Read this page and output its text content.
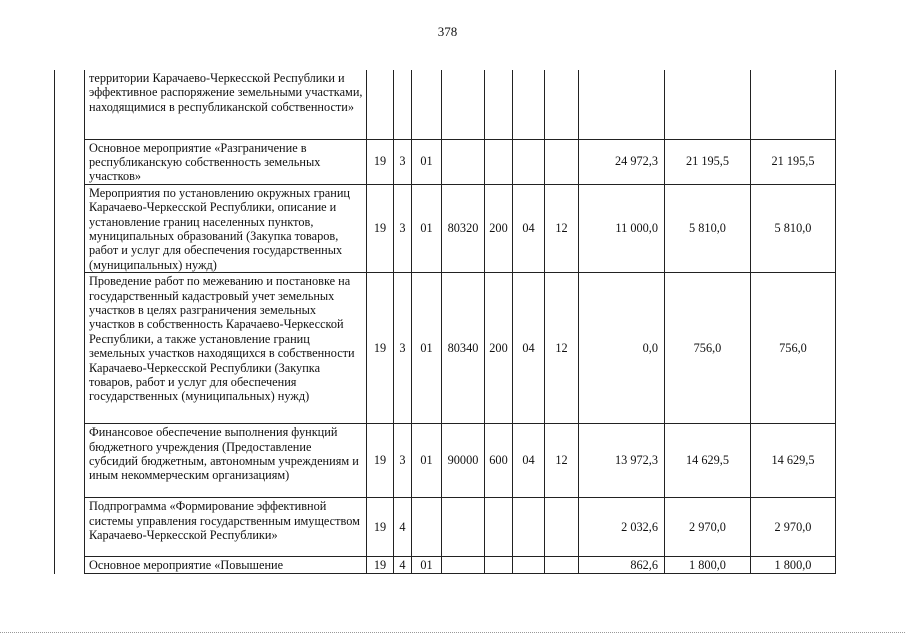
378
	территории Карачаево-Черкесской Республики и эффективное распоряжение земельными участками, находящимися в республиканской собственности»										
	Основное мероприятие «Разграничение в республиканскую собственность земельных участков»	19	3	01					24 972,3	21 195,5	21 195,5
	Мероприятия по установлению окружных границ Карачаево-Черкесской Республики, описание и установление границ населенных пунктов, муниципальных образований (Закупка товаров, работ и услуг для обеспечения государственных (муниципальных) нужд)	19	3	01	80320	200	04	12	11 000,0	5 810,0	5 810,0
	Проведение работ по межеванию и постановке на государственный кадастровый учет земельных участков в целях разграничения земельных участков в собственность Карачаево-Черкесской Республики, а также установление границ земельных участков находящихся в собственности Карачаево-Черкесской Республики (Закупка товаров, работ и услуг для обеспечения государственных (муниципальных) нужд)	19	3	01	80340	200	04	12	0,0	756,0	756,0
	Финансовое обеспечение выполнения функций бюджетного учреждения (Предоставление субсидий бюджетным, автономным учреждениям и иным некоммерческим организациям)	19	3	01	90000	600	04	12	13 972,3	14 629,5	14 629,5
	Подпрограмма «Формирование эффективной системы управления государственным имуществом Карачаево-Черкесской Республики»	19	4						2 032,6	2 970,0	2 970,0
	Основное мероприятие «Повышение	19	4	01					862,6	1 800,0	1 800,0
